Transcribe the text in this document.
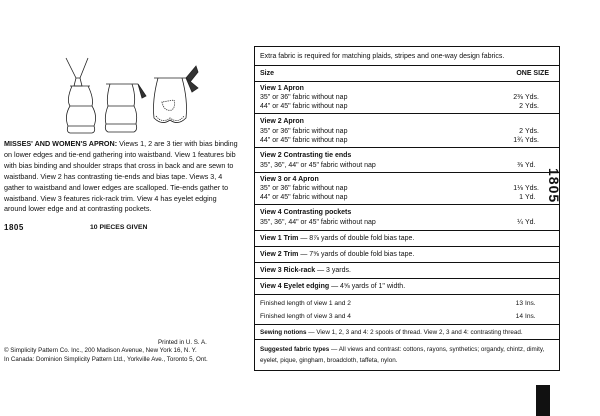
MISSES' AND WOMEN'S APRON: Views 1, 2 are 3 tier with bias binding on lower edges and tie-end gathering into waistband. View 1 features bib with bias binding and shoulder straps that cross in back and are sewn to waistband. View 2 has contrasting tie-ends and bias tape. Views 3, 4 gather to waistband and lower edges are scalloped. Tie-ends gather to waistband. View 3 features rick-rack trim. View 4 has eyelet edging around lower edge and at contrasting pockets.
1805	10 PIECES GIVEN
Printed in U. S. A.
© Simplicity Pattern Co. Inc., 200 Madison Avenue, New York 16, N. Y.
In Canada: Dominion Simplicity Pattern Ltd., Yorkville Ave., Toronto 5, Ont.
Extra fabric is required for matching plaids, stripes and one-way design fabrics.
Size	ONE SIZE
View 1 Apron
35" or 36" fabric without nap	2⅜ Yds.
44" or 45" fabric without nap	2 Yds.
View 2 Apron
35" or 36" fabric without nap	2 Yds.
44" or 45" fabric without nap	1¾ Yds.
View 2 Contrasting tie ends
35", 36", 44" or 45" fabric without nap	⅜ Yd.
View 3 or 4 Apron
35" or 36" fabric without nap	1⅛ Yds.
44" or 45" fabric without nap	1 Yd.
View 4 Contrasting pockets
35", 36", 44" or 45" fabric without nap	¼ Yd.
View 1 Trim — 8⅞ yards of double fold bias tape.
View 2 Trim — 7⅝ yards of double fold bias tape.
View 3 Rick-rack — 3 yards.
View 4 Eyelet edging — 4⅝ yards of 1" width.
Finished length of view 1 and 2	13 Ins.
Finished length of view 3 and 4	14 Ins.
Sewing notions — View 1, 2, 3 and 4: 2 spools of thread. View 2, 3 and 4: contrasting thread.
Suggested fabric types — All views and contrast: cottons, rayons, synthetics; organdy, chintz, dimity, eyelet, pique, gingham, broadcloth, taffeta, nylon.
1805
